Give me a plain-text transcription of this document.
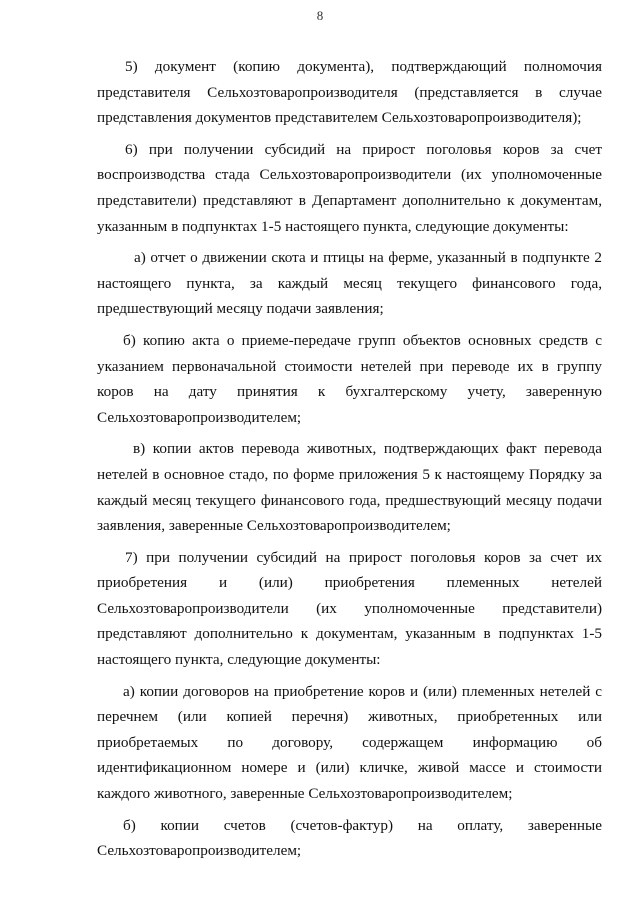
8
5) документ (копию документа), подтверждающий полномочия
представителя Сельхозтоваропроизводителя (представляется в случае
представления документов представителем Сельхозтоваропроизводителя);
6) при получении субсидий на прирост поголовья коров за счет
воспроизводства стада Сельхозтоваропроизводители (их уполномоченные
представители) представляют в Департамент дополнительно к документам,
указанным в подпунктах 1-5 настоящего пункта, следующие документы:
а) отчет о движении скота и птицы на ферме, указанный в подпункте 2
настоящего пункта, за каждый месяц текущего финансового года,
предшествующий месяцу подачи заявления;
б) копию акта о приеме-передаче групп объектов основных средств с
указанием первоначальной стоимости нетелей при переводе их в группу
коров на дату принятия к бухгалтерскому учету, заверенную
Сельхозтоваропроизводителем;
в) копии актов перевода животных, подтверждающих факт перевода
нетелей в основное стадо, по форме приложения 5 к настоящему Порядку за
каждый месяц текущего финансового года, предшествующий месяцу подачи
заявления, заверенные Сельхозтоваропроизводителем;
7) при получении субсидий на прирост поголовья коров за счет их
приобретения и (или) приобретения племенных нетелей
Сельхозтоваропроизводители (их уполномоченные представители)
представляют дополнительно к документам, указанным в подпунктах 1-5
настоящего пункта, следующие документы:
а) копии договоров на приобретение коров и (или) племенных нетелей с
перечнем (или копией перечня) животных, приобретенных или
приобретаемых по договору, содержащем информацию об
идентификационном номере и (или) кличке, живой массе и стоимости
каждого животного, заверенные Сельхозтоваропроизводителем;
б) копии счетов (счетов-фактур) на оплату, заверенные
Сельхозтоваропроизводителем;
